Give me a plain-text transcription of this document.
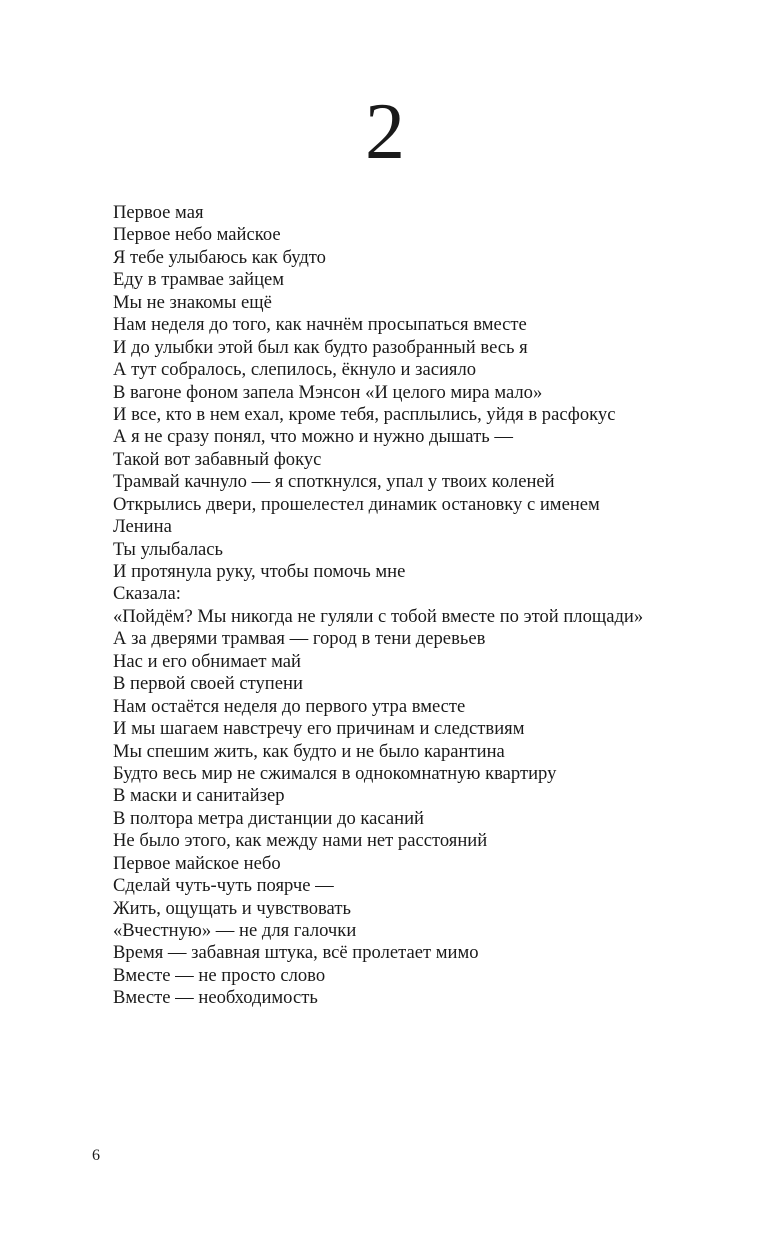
2
Первое мая
Первое небо майское
Я тебе улыбаюсь как будто
Еду в трамвае зайцем
Мы не знакомы ещё
Нам неделя до того, как начнём просыпаться вместе
И до улыбки этой был как будто разобранный весь я
А тут собралось, слепилось, ёкнуло и засияло
В вагоне фоном запела Мэнсон «И целого мира мало»
И все, кто в нем ехал, кроме тебя, расплылись, уйдя в расфокус
А я не сразу понял, что можно и нужно дышать —
Такой вот забавный фокус
Трамвай качнуло — я споткнулся, упал у твоих коленей
Открылись двери, прошелестел динамик остановку с именем
Ленина
Ты улыбалась
И протянула руку, чтобы помочь мне
Сказала:
«Пойдём? Мы никогда не гуляли с тобой вместе по этой площади»
А за дверями трамвая — город в тени деревьев
Нас и его обнимает май
В первой своей ступени
Нам остаётся неделя до первого утра вместе
И мы шагаем навстречу его причинам и следствиям
Мы спешим жить, как будто и не было карантина
Будто весь мир не сжимался в однокомнатную квартиру
В маски и санитайзер
В полтора метра дистанции до касаний
Не было этого, как между нами нет расстояний
Первое майское небо
Сделай чуть-чуть поярче —
Жить, ощущать и чувствовать
«Вчестную» — не для галочки
Время — забавная штука, всё пролетает мимо
Вместе — не просто слово
Вместе — необходимость
6
